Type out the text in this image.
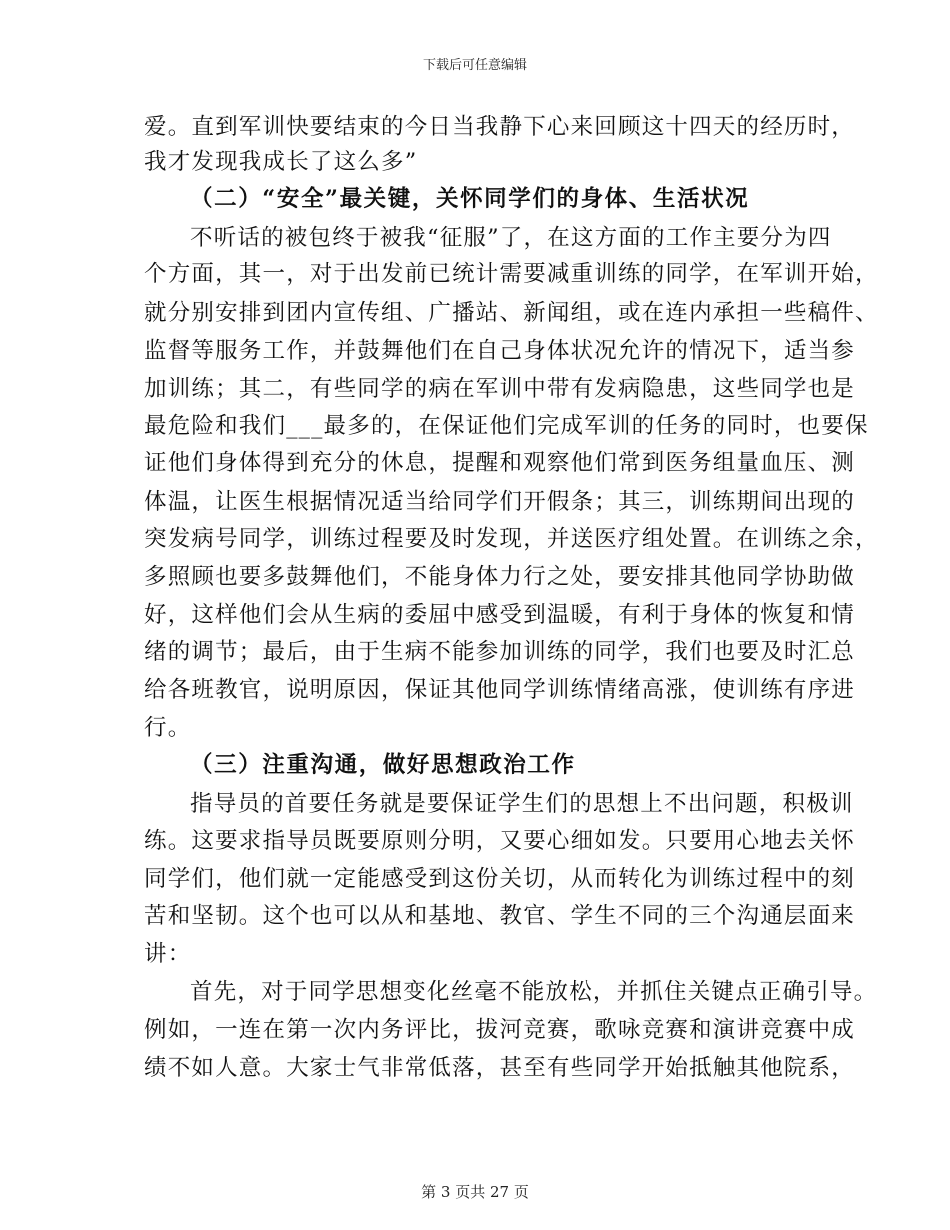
下载后可任意编辑
爱。直到军训快要结束的今日当我静下心来回顾这十四天的经历时，
我才发现我成长了这么多”
（二）“安全”最关键，关怀同学们的身体、生活状况
不听话的被包终于被我“征服”了，在这方面的工作主要分为四
个方面，其一，对于出发前已统计需要减重训练的同学，在军训开始，
就分别安排到团内宣传组、广播站、新闻组，或在连内承担一些稿件、
监督等服务工作，并鼓舞他们在自己身体状况允许的情况下，适当参
加训练；其二，有些同学的病在军训中带有发病隐患，这些同学也是
最危险和我们___最多的，在保证他们完成军训的任务的同时，也要保
证他们身体得到充分的休息，提醒和观察他们常到医务组量血压、测
体温，让医生根据情况适当给同学们开假条；其三，训练期间出现的
突发病号同学，训练过程要及时发现，并送医疗组处置。在训练之余，
多照顾也要多鼓舞他们，不能身体力行之处，要安排其他同学协助做
好，这样他们会从生病的委屈中感受到温暖，有利于身体的恢复和情
绪的调节；最后，由于生病不能参加训练的同学，我们也要及时汇总
给各班教官，说明原因，保证其他同学训练情绪高涨，使训练有序进
行。
（三）注重沟通，做好思想政治工作
指导员的首要任务就是要保证学生们的思想上不出问题，积极训
练。这要求指导员既要原则分明，又要心细如发。只要用心地去关怀
同学们，他们就一定能感受到这份关切，从而转化为训练过程中的刻
苦和坚韧。这个也可以从和基地、教官、学生不同的三个沟通层面来
讲：
首先，对于同学思想变化丝毫不能放松，并抓住关键点正确引导。
例如，一连在第一次内务评比，拔河竞赛，歌咏竞赛和演讲竞赛中成
绩不如人意。大家士气非常低落，甚至有些同学开始抵触其他院系，
第 3 页共 27 页
